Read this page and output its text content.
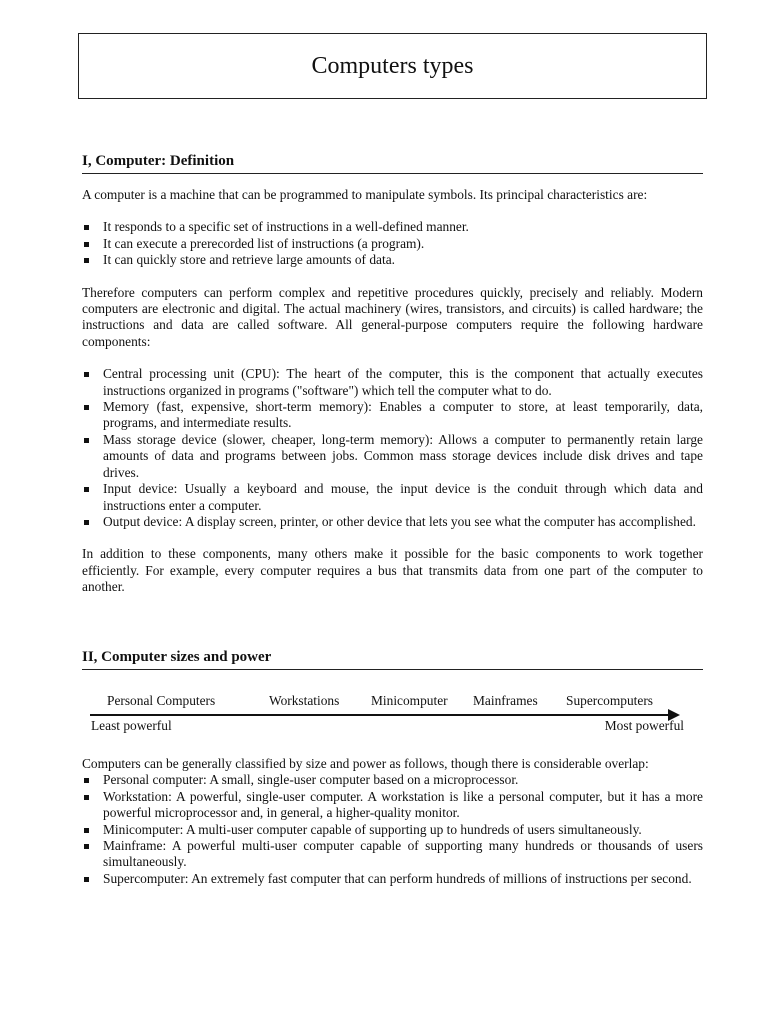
Computers types
I, Computer: Definition

A computer is a machine that can be programmed to manipulate symbols. Its principal characteristics are:

It responds to a specific set of instructions in a well-defined manner.
It can execute a prerecorded list of instructions (a program).
It can quickly store and retrieve large amounts of data.

Therefore computers can perform complex and repetitive procedures quickly, precisely and reliably. Modern computers are electronic and digital. The actual machinery (wires, transistors, and circuits) is called hardware; the instructions and data are called software. All general-purpose computers require the following hardware components:

Central processing unit (CPU): The heart of the computer, this is the component that actually executes instructions organized in programs ("software") which tell the computer what to do.
Memory (fast, expensive, short-term memory): Enables a computer to store, at least temporarily, data, programs, and intermediate results.
Mass storage device (slower, cheaper, long-term memory): Allows a computer to permanently retain large amounts of data and programs between jobs. Common mass storage devices include disk drives and tape drives.
Input device: Usually a keyboard and mouse, the input device is the conduit through which data and instructions enter a computer.
Output device: A display screen, printer, or other device that lets you see what the computer has accomplished.

In addition to these components, many others make it possible for the basic components to work together efficiently. For example, every computer requires a bus that transmits data from one part of the computer to another.

II, Computer sizes and power
Personal Computers	Workstations Minicomputer Mainframes Supercomputers
Least powerful	Most powerful

Computers can be generally classified by size and power as follows, though there is considerable overlap:

Personal computer: A small, single-user computer based on a microprocessor.
Workstation: A powerful, single-user computer. A workstation is like a personal computer, but it has a more powerful microprocessor and, in general, a higher-quality monitor.
Minicomputer: A multi-user computer capable of supporting up to hundreds of users simultaneously.
Mainframe: A powerful multi-user computer capable of supporting many hundreds or thousands of users simultaneously.
Supercomputer: An extremely fast computer that can perform hundreds of millions of instructions per second.
